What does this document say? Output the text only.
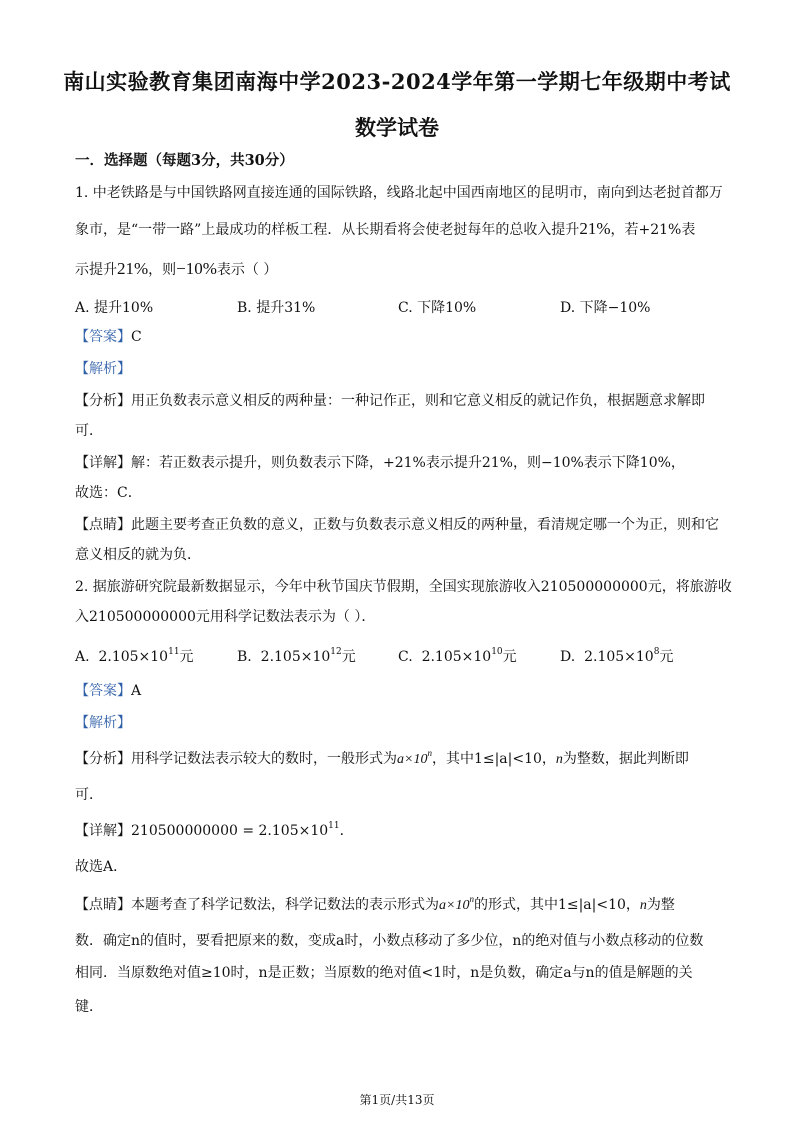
南山实验教育集团南海中学2023-2024学年第一学期七年级期中考试
数学试卷
一．选择题（每题3分，共30分）
1. 中老铁路是与中国铁路网直接连通的国际铁路，线路北起中国西南地区的昆明市，南向到达老挝首都万
象市，是“一带一路”上最成功的样板工程．从长期看将会使老挝每年的总收入提升21%，若+21%表
示提升21%，则−10%表示（ ）
A. 提升10%	B. 提升31%	C. 下降10%	D. 下降−10%
【答案】C
【解析】
【分析】用正负数表示意义相反的两种量：一种记作正，则和它意义相反的就记作负，根据题意求解即
可．
【详解】解：若正数表示提升，则负数表示下降，+21%表示提升21%，则−10%表示下降10%，
故选：C．
【点睛】此题主要考查正负数的意义，正数与负数表示意义相反的两种量，看清规定哪一个为正，则和它
意义相反的就为负．
2. 据旅游研究院最新数据显示，今年中秋节国庆节假期，全国实现旅游收入210500000000元，将旅游收
入210500000000元用科学记数法表示为（ ）．
A. $2.105\times 10^{11}$元	B. $2.105\times 10^{12}$元	C. $2.105\times 10^{10}$元	D. $2.105\times 10^8$元
【答案】A
【解析】
【分析】用科学记数法表示较大的数时，一般形式为$a\times 10^n$，其中1≤|a|<10，n为整数，据此判断即
可．
【详解】$210500000000 = 2.105\times 10^{11}$．
故选A．
【点睛】本题考查了科学记数法，科学记数法的表示形式为$a\times 10^n$的形式，其中1≤|a|<10，n为整
数．确定n的值时，要看把原来的数，变成a时，小数点移动了多少位，n的绝对值与小数点移动的位数
相同．当原数绝对值≥10时，n是正数；当原数的绝对值<1时，n是负数，确定a与n的值是解题的关
键．
第1页/共13页
